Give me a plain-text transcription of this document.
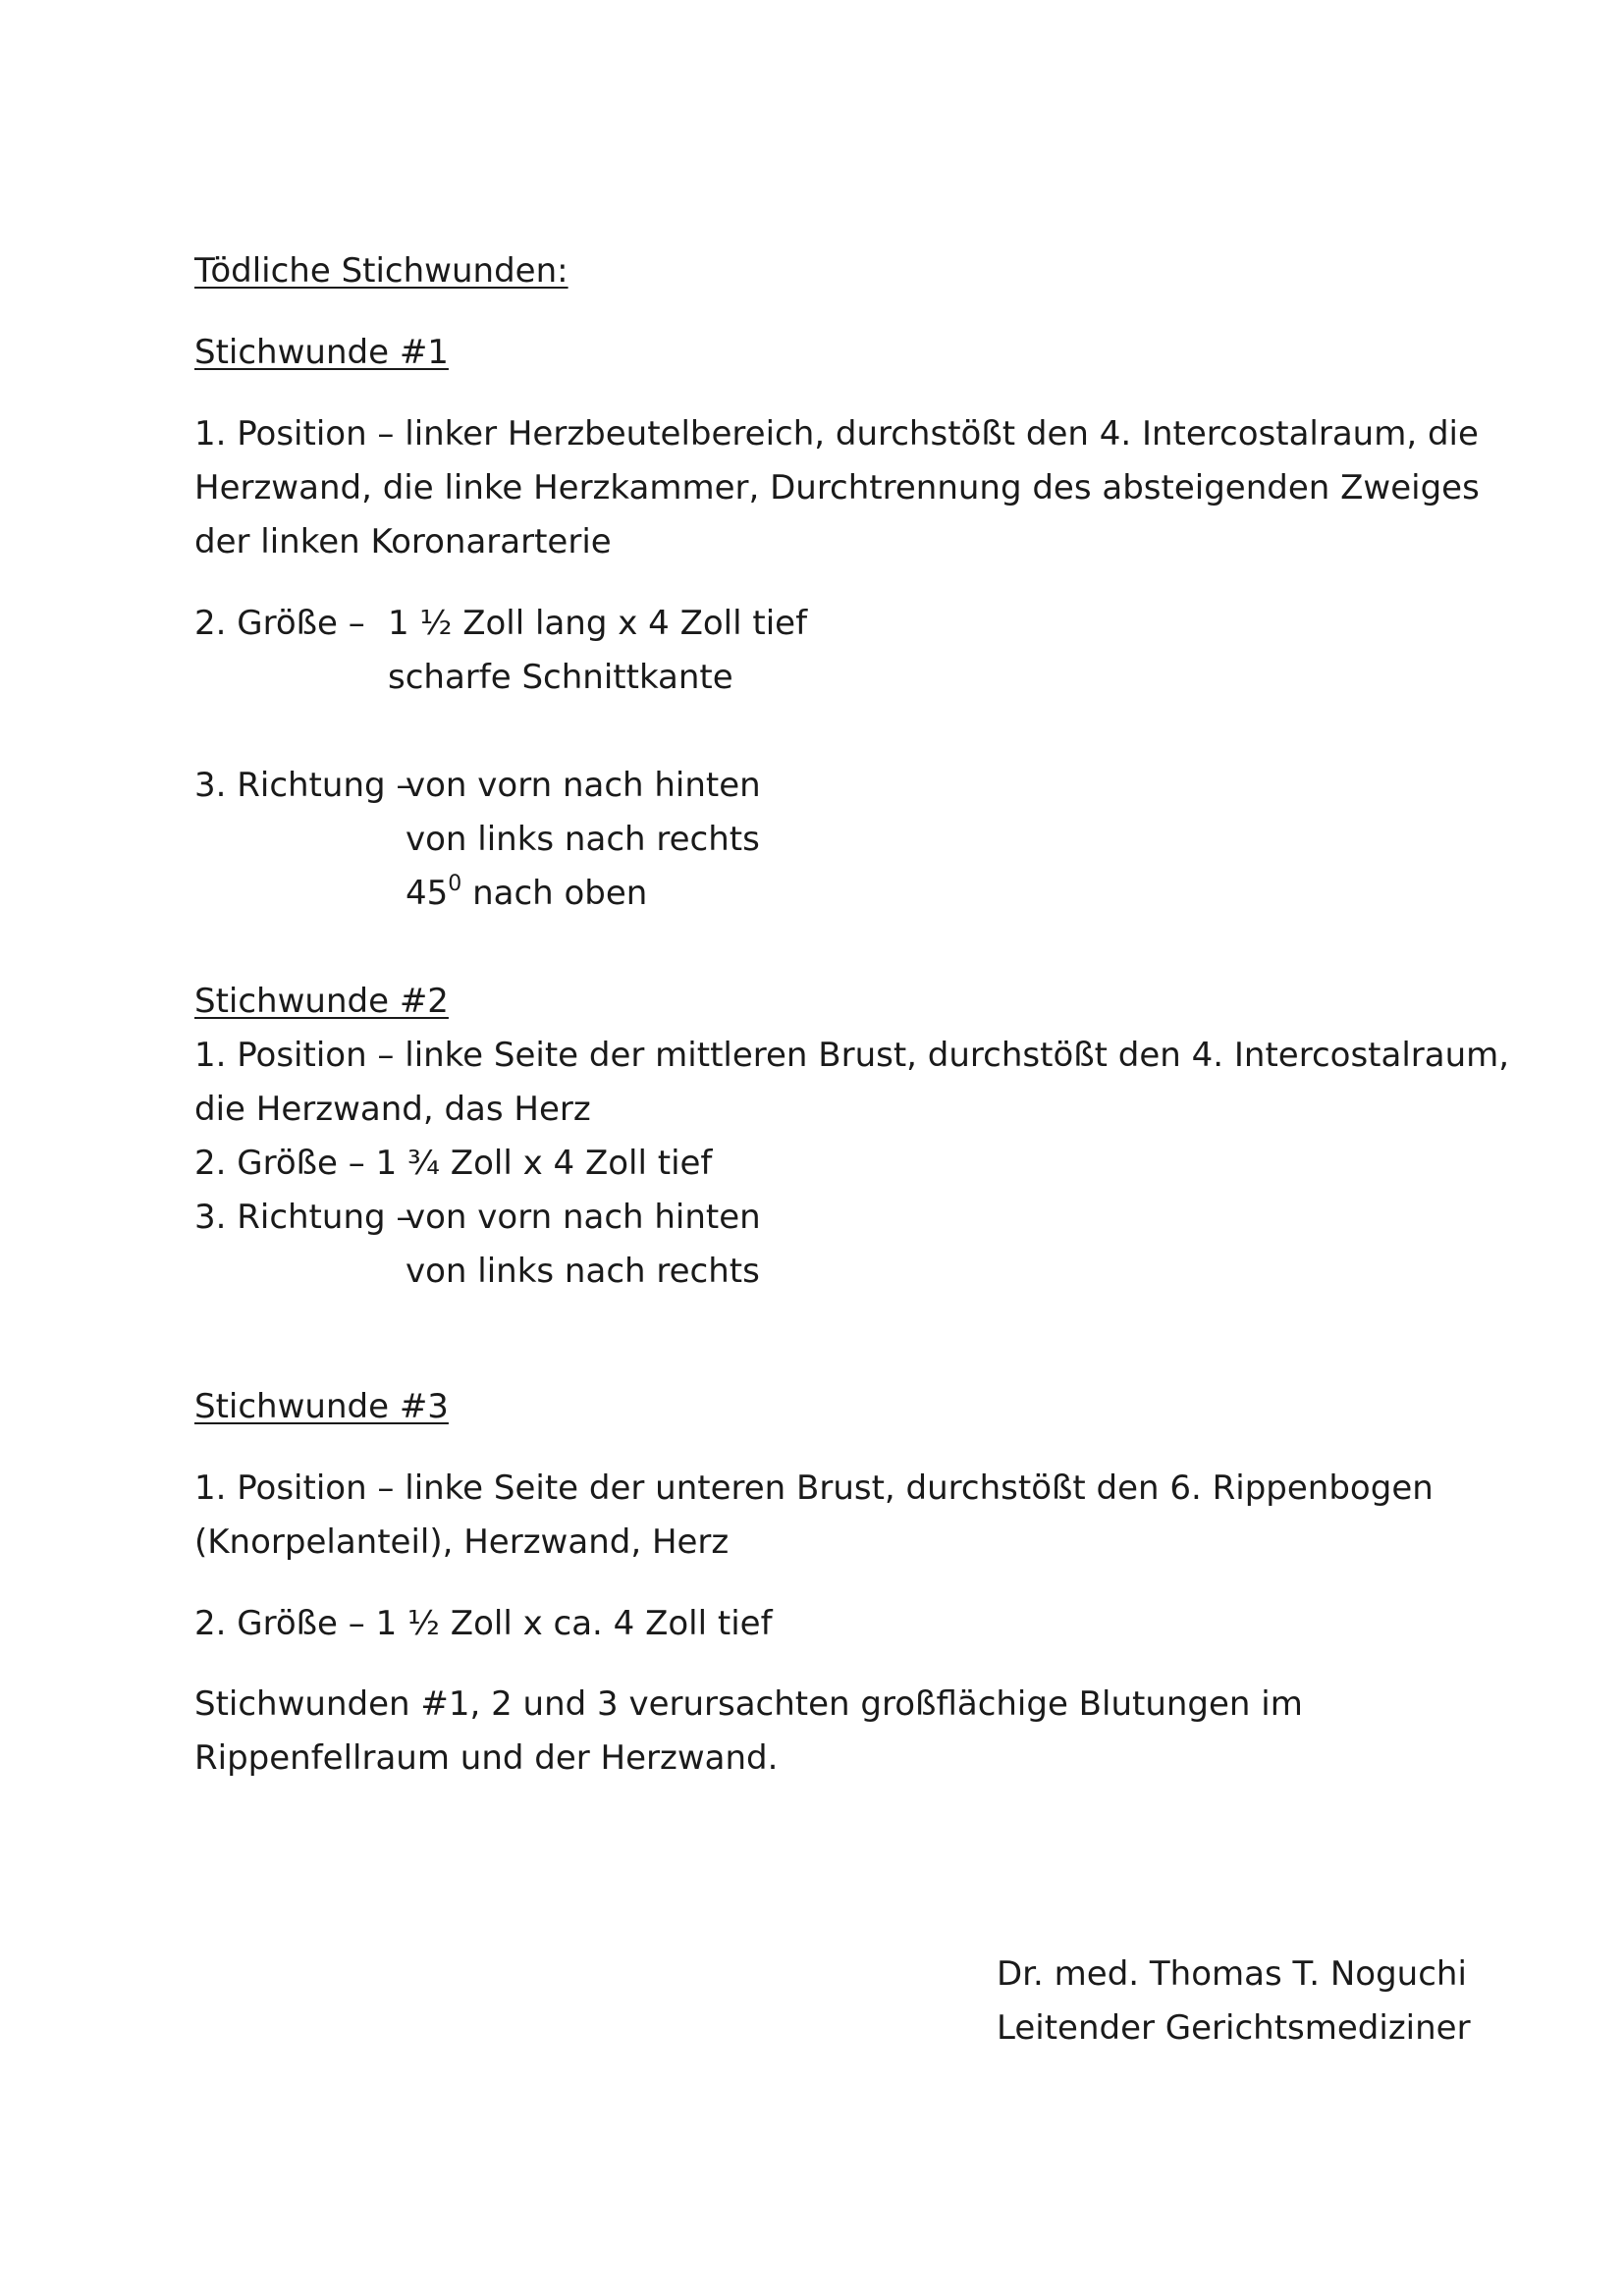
Tödliche Stichwunden:
Stichwunde #1
1. Position – linker Herzbeutelbereich, durchstößt den 4. Intercostalraum, die
Herzwand, die linke Herzkammer, Durchtrennung des absteigenden Zweiges
der linken Koronararterie
2. Größe – 1 ½ Zoll lang x 4 Zoll tief
scharfe Schnittkante
3. Richtung –
von vorn nach hinten
von links nach rechts
$45^0$ nach oben
Stichwunde #2
1. Position – linke Seite der mittleren Brust, durchstößt den 4. Intercostalraum,
die Herzwand, das Herz
2. Größe – 1 ¾ Zoll x 4 Zoll tief
3. Richtung –
von vorn nach hinten
von links nach rechts
Stichwunde #3
1. Position – linke Seite der unteren Brust, durchstößt den 6. Rippenbogen
(Knorpelanteil), Herzwand, Herz
2. Größe – 1 ½ Zoll x ca. 4 Zoll tief
Stichwunden #1, 2 und 3 verursachten großflächige Blutungen im
Rippenfellraum und der Herzwand.
Dr. med. Thomas T. Noguchi
Leitender Gerichtsmediziner
